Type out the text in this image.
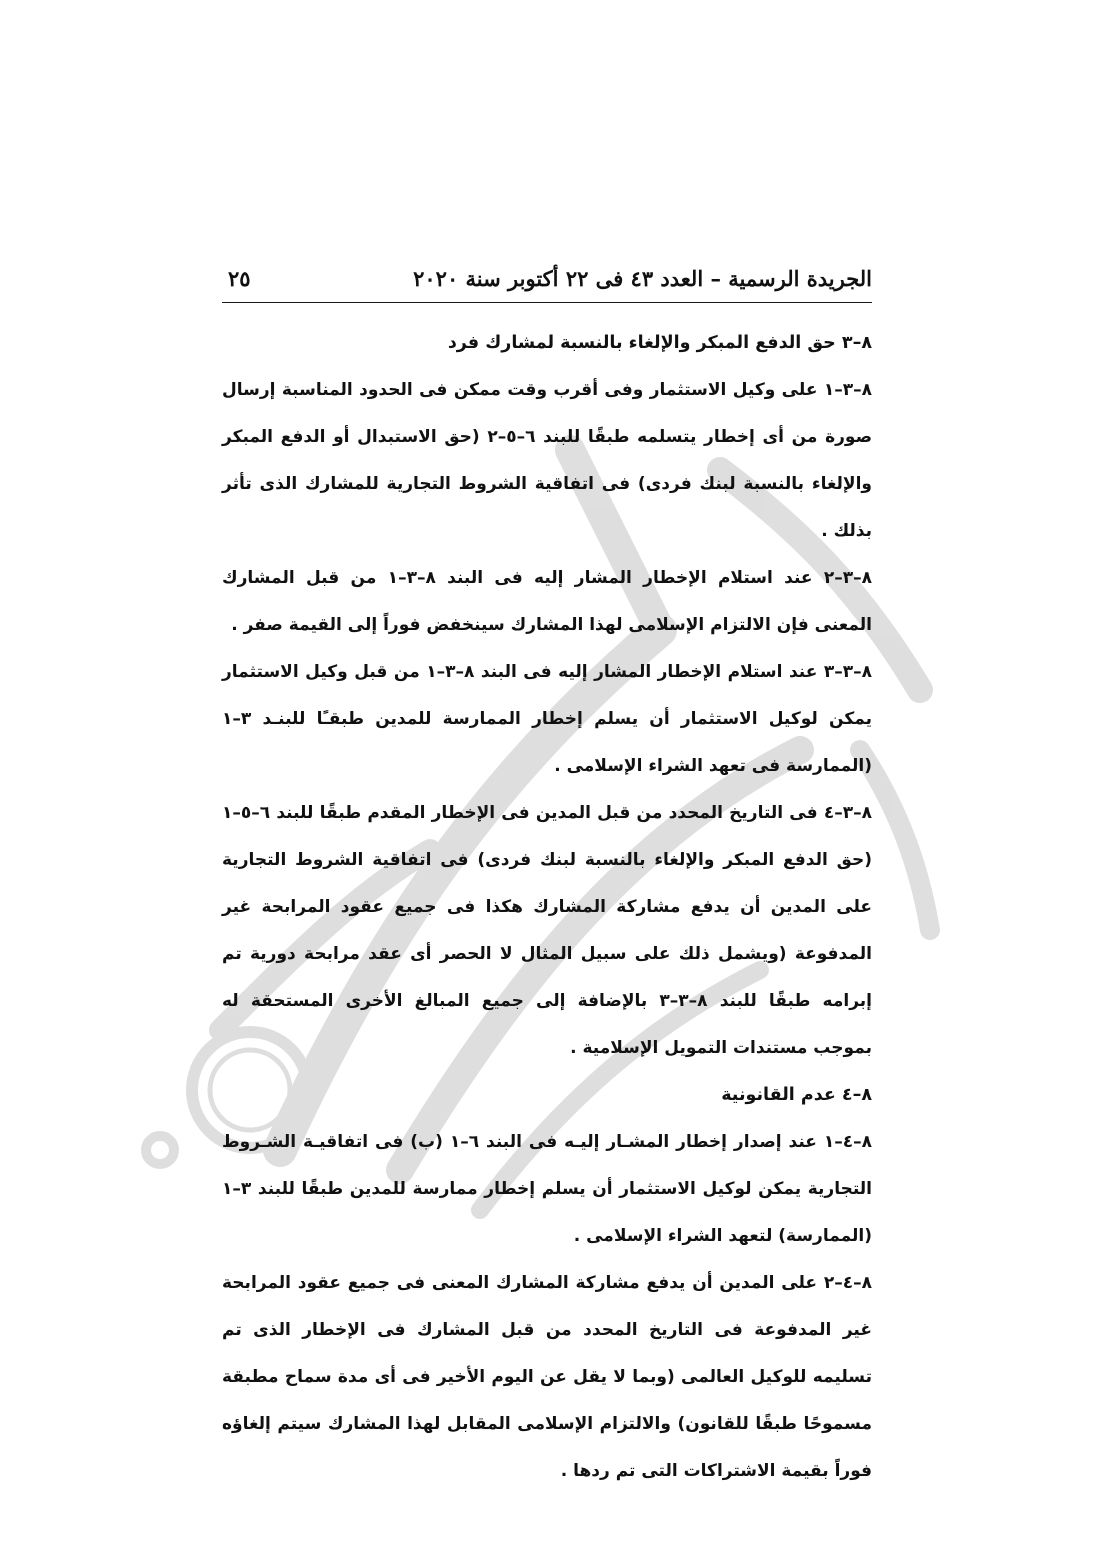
الجريدة الرسمية – العدد ٤٣ فى ٢٢ أكتوبر سنة ٢٠٢٠
٢٥

٨–٣ حق الدفع المبكر والإلغاء بالنسبة لمشارك فرد

٨–٣–١ على وكيل الاستثمار وفى أقرب وقت ممكن فى الحدود المناسبة إرسال صورة من أى إخطار يتسلمه طبقًا للبند ٦–٥–٢ (حق الاستبدال أو الدفع المبكر والإلغاء بالنسبة لبنك فردى) فى اتفاقية الشروط التجارية للمشارك الذى تأثر بذلك .

٨–٣–٢ عند استلام الإخطار المشار إليه فى البند ٨–٣–١ من قبل المشارك المعنى فإن الالتزام الإسلامى لهذا المشارك سينخفض فوراً إلى القيمة صفر .

٨–٣–٣ عند استلام الإخطار المشار إليه فى البند ٨–٣–١ من قبل وكيل الاستثمار يمكن لوكيل الاستثمار أن يسلم إخطار الممارسة للمدين طبقـًا للبنـد ٣–١ (الممارسة فى تعهد الشراء الإسلامى .

٨–٣–٤ فى التاريخ المحدد من قبل المدين فى الإخطار المقدم طبقًا للبند ٦–٥–١ (حق الدفع المبكر والإلغاء بالنسبة لبنك فردى) فى اتفاقية الشروط التجارية على المدين أن يدفع مشاركة المشارك هكذا فى جميع عقود المرابحة غير المدفوعة (ويشمل ذلك على سبيل المثال لا الحصر أى عقد مرابحة دورية تم إبرامه طبقًا للبند ٨–٣–٣ بالإضافة إلى جميع المبالغ الأخرى المستحقة له بموجب مستندات التمويل الإسلامية .

٨–٤ عدم القانونية

٨–٤–١ عند إصدار إخطار المشـار إليـه فى البند ٦–١ (ب) فى اتفاقيـة الشـروط التجارية يمكن لوكيل الاستثمار أن يسلم إخطار ممارسة للمدين طبقًا للبند ٣–١ (الممارسة) لتعهد الشراء الإسلامى .

٨–٤–٢ على المدين أن يدفع مشاركة المشارك المعنى فى جميع عقود المرابحة غير المدفوعة فى التاريخ المحدد من قبل المشارك فى الإخطار الذى تم تسليمه للوكيل العالمى (وبما لا يقل عن اليوم الأخير فى أى مدة سماح مطبقة مسموحًا طبقًا للقانون) والالتزام الإسلامى المقابل لهذا المشارك سيتم إلغاؤه فوراً بقيمة الاشتراكات التى تم ردها .
